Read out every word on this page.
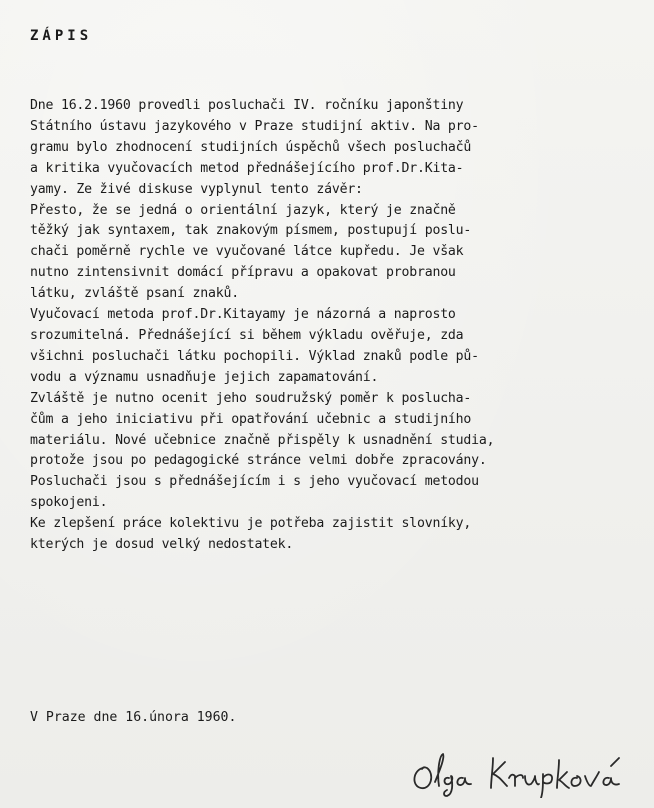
ZÁPIS
Dne 16.2.1960 provedli posluchači IV. ročníku japonštiny
Státního ústavu jazykového v Praze studijní aktiv. Na pro-
gramu bylo zhodnocení studijních úspěchů všech posluchačů
a kritika vyučovacích metod přednášejícího prof.Dr.Kita-
yamy. Ze živé diskuse vyplynul tento závěr:
Přesto, že se jedná o orientální jazyk, který je značně
těžký jak syntaxem, tak znakovým písmem, postupují poslu-
chači poměrně rychle ve vyučované látce kupředu. Je však
nutno zintensivnit domácí přípravu a opakovat probranou
látku, zvláště psaní znaků.
Vyučovací metoda prof.Dr.Kitayamy je názorná a naprosto
srozumitelná. Přednášející si během výkladu ověřuje, zda
všichni posluchači látku pochopili. Výklad znaků podle pů-
vodu a významu usnadňuje jejich zapamatování.
Zvláště je nutno ocenit jeho soudružský poměr k posluchа-
čům a jeho iniciativu při opatřování učebnic a studijního
materiálu. Nové učebnice značně přispěly k usnadnění studia,
protože jsou po pedagogické stránce velmi dobře zpracovány.
Posluchači jsou s přednášejícím i s jeho vyučovací metodou
spokojeni.
Ke zlepšení práce kolektivu je potřeba zajistit slovníky,
kterých je dosud velký nedostatek.
V Praze dne 16.února 1960.
